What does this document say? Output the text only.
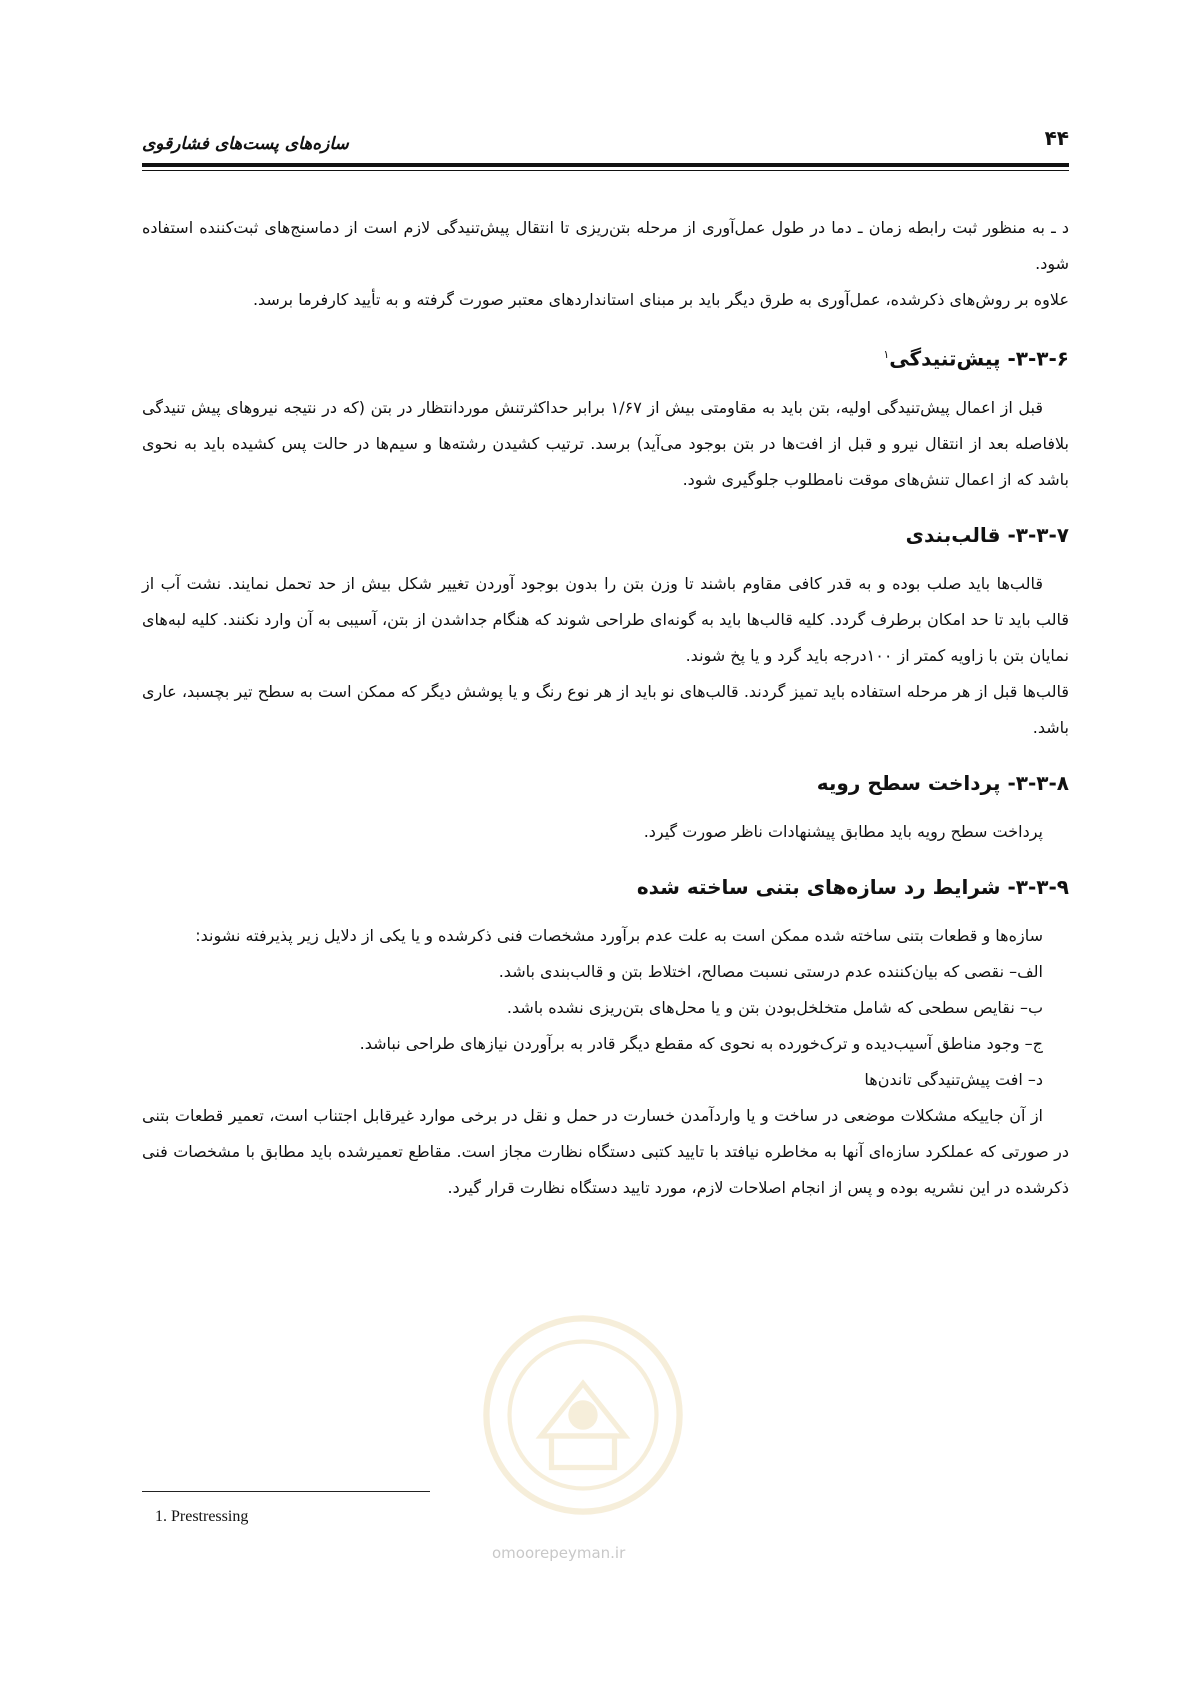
۴۴
سازه‌های پست‌های فشارقوی

د ـ به منظور ثبت رابطه زمان ـ دما در طول عمل‌آوری از مرحله بتن‌ریزی تا انتقال پیش‌تنیدگی لازم است از دماسنج‌های ثبت‌کننده استفاده شود.

علاوه بر روش‌های ذکرشده، عمل‌آوری به طرق دیگر باید بر مبنای استانداردهای معتبر صورت گرفته و به تأیید کارفرما برسد.

۳-۳-۶- پیش‌تنیدگی$^۱$

قبل از اعمال پیش‌تنیدگی اولیه، بتن باید به مقاومتی بیش از ۱/۶۷ برابر حداکثرتنش موردانتظار در بتن (که در نتیجه نیروهای پیش تنیدگی بلافاصله بعد از انتقال نیرو و قبل از افت‌ها در بتن بوجود می‌آید) برسد. ترتیب کشیدن رشته‌ها و سیم‌ها در حالت پس کشیده باید به نحوی باشد که از اعمال تنش‌های موقت نامطلوب جلوگیری شود.

۳-۳-۷- قالب‌بندی

قالب‌ها باید صلب بوده و به قدر کافی مقاوم باشند تا وزن بتن را بدون بوجود آوردن تغییر شکل بیش از حد تحمل نمایند. نشت آب از قالب باید تا حد امکان برطرف گردد. کلیه قالب‌ها باید به گونه‌ای طراحی شوند که هنگام جداشدن از بتن، آسیبی به آن وارد نکنند. کلیه لبه‌های نمایان بتن با زاویه کمتر از ۱۰۰درجه باید گرد و یا پخ شوند.

قالب‌ها قبل از هر مرحله استفاده باید تمیز گردند. قالب‌های نو باید از هر نوع رنگ و یا پوشش دیگر که ممکن است به سطح تیر بچسبد، عاری باشد.

۳-۳-۸- پرداخت سطح رویه

پرداخت سطح رویه باید مطابق پیشنهادات ناظر صورت گیرد.

۳-۳-۹- شرایط رد سازه‌های بتنی ساخته شده

سازه‌ها و قطعات بتنی ساخته شده ممکن است به علت عدم برآورد مشخصات فنی ذکرشده و یا یکی از دلایل زیر پذیرفته نشوند:

الف– نقصی که بیان‌کننده عدم درستی نسبت مصالح، اختلاط بتن و قالب‌بندی باشد.

ب– نقایص سطحی که شامل متخلخل‌بودن بتن و یا محل‌های بتن‌ریزی نشده باشد.

ج– وجود مناطق آسیب‌دیده و ترک‌خورده به نحوی که مقطع دیگر قادر به برآوردن نیازهای طراحی نباشد.

د– افت پیش‌تنیدگی تاندن‌ها

از آن جاییکه مشکلات موضعی در ساخت و یا واردآمدن خسارت در حمل و نقل در برخی موارد غیرقابل اجتناب است، تعمیر قطعات بتنی در صورتی که عملکرد سازه‌ای آنها به مخاطره نیافتد با تایید کتبی دستگاه نظارت مجاز است. مقاطع تعمیرشده باید مطابق با مشخصات فنی ذکرشده در این نشریه بوده و پس از انجام اصلاحات لازم، مورد تایید دستگاه نظارت قرار گیرد.

omoorepeyman.ir
1. Prestressing
